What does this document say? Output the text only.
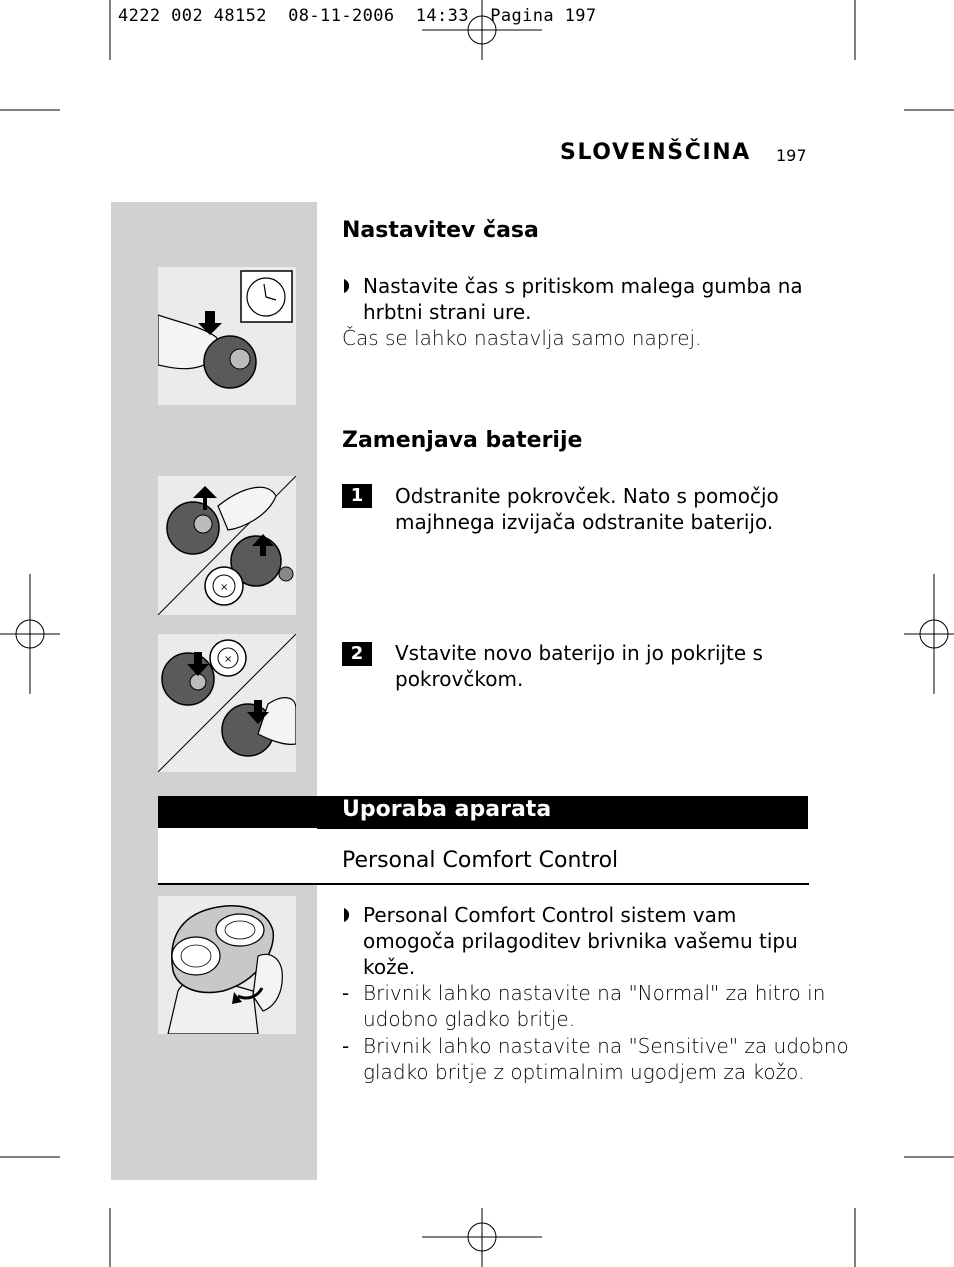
4222 002 48152  08-11-2006  14:33  Pagina 197
SLOVENŠČINA 197
×
×
Nastavitev časa
Nastavite čas s pritiskom malega gumba na
hrbtni strani ure.
Čas se lahko nastavlja samo naprej.
Zamenjava baterije
1	Odstranite pokrovček. Nato s pomočjo
majhnega izvijača odstranite baterijo.
2	Vstavite novo baterijo in jo pokrijte s
pokrovčkom.
Uporaba aparata
Personal Comfort Control
Personal Comfort Control sistem vam
omogoča prilagoditev brivnika vašemu tipu
kože.
- Brivnik lahko nastavite na "Normal" za hitro in
udobno gladko britje.
- Brivnik lahko nastavite na "Sensitive" za udobno
gladko britje z optimalnim ugodjem za kožo.
